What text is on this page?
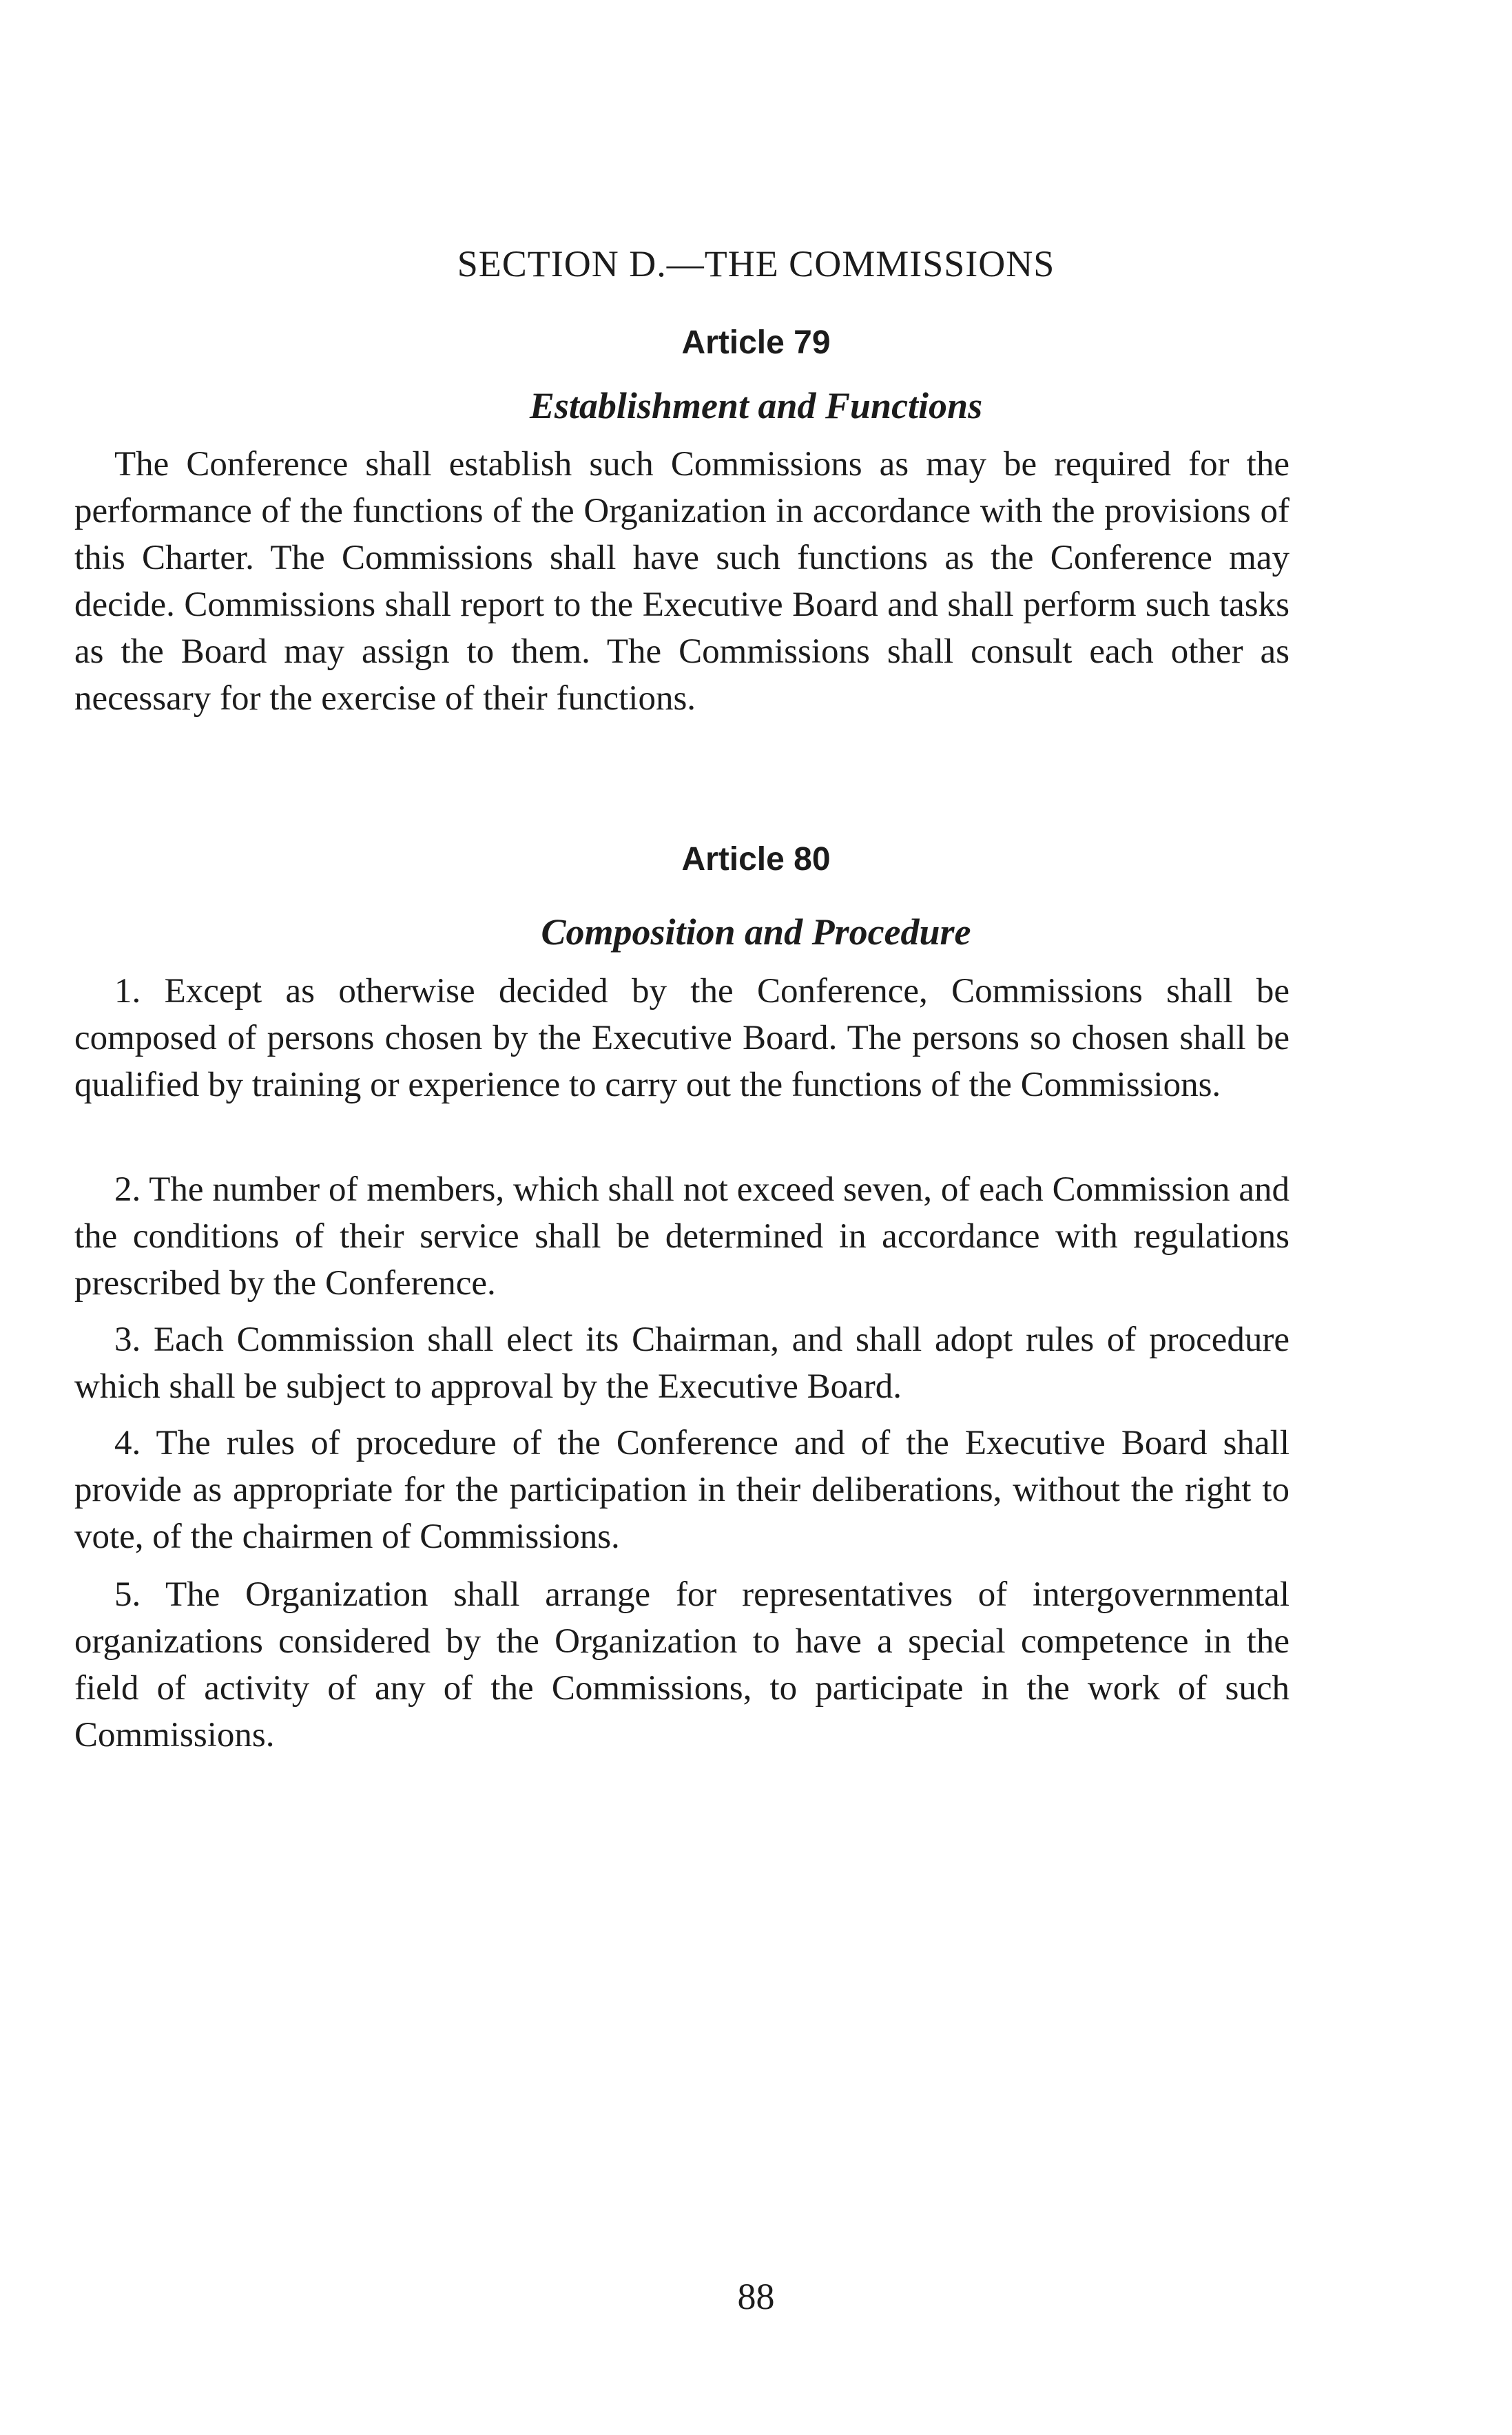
SECTION D.—THE COMMISSIONS
Article 79
Establishment and Functions

The Conference shall establish such Commissions as may be required for the performance of the functions of the Organization in accordance with the provisions of this Charter. The Commissions shall have such functions as the Conference may decide. Commissions shall report to the Executive Board and shall perform such tasks as the Board may assign to them. The Commissions shall consult each other as necessary for the exercise of their functions.

Article 80
Composition and Procedure

1. Except as otherwise decided by the Conference, Commissions shall be composed of persons chosen by the Executive Board. The persons so chosen shall be qualified by training or experience to carry out the functions of the Commissions.

2. The number of members, which shall not exceed seven, of each Commission and the conditions of their service shall be determined in accordance with regulations prescribed by the Conference.

3. Each Commission shall elect its Chairman, and shall adopt rules of procedure which shall be subject to approval by the Executive Board.

4. The rules of procedure of the Conference and of the Executive Board shall provide as appropriate for the participation in their deliberations, without the right to vote, of the chairmen of Commissions.

5. The Organization shall arrange for representatives of intergovernmental organizations considered by the Organization to have a special competence in the field of activity of any of the Commissions, to participate in the work of such Commissions.

88
